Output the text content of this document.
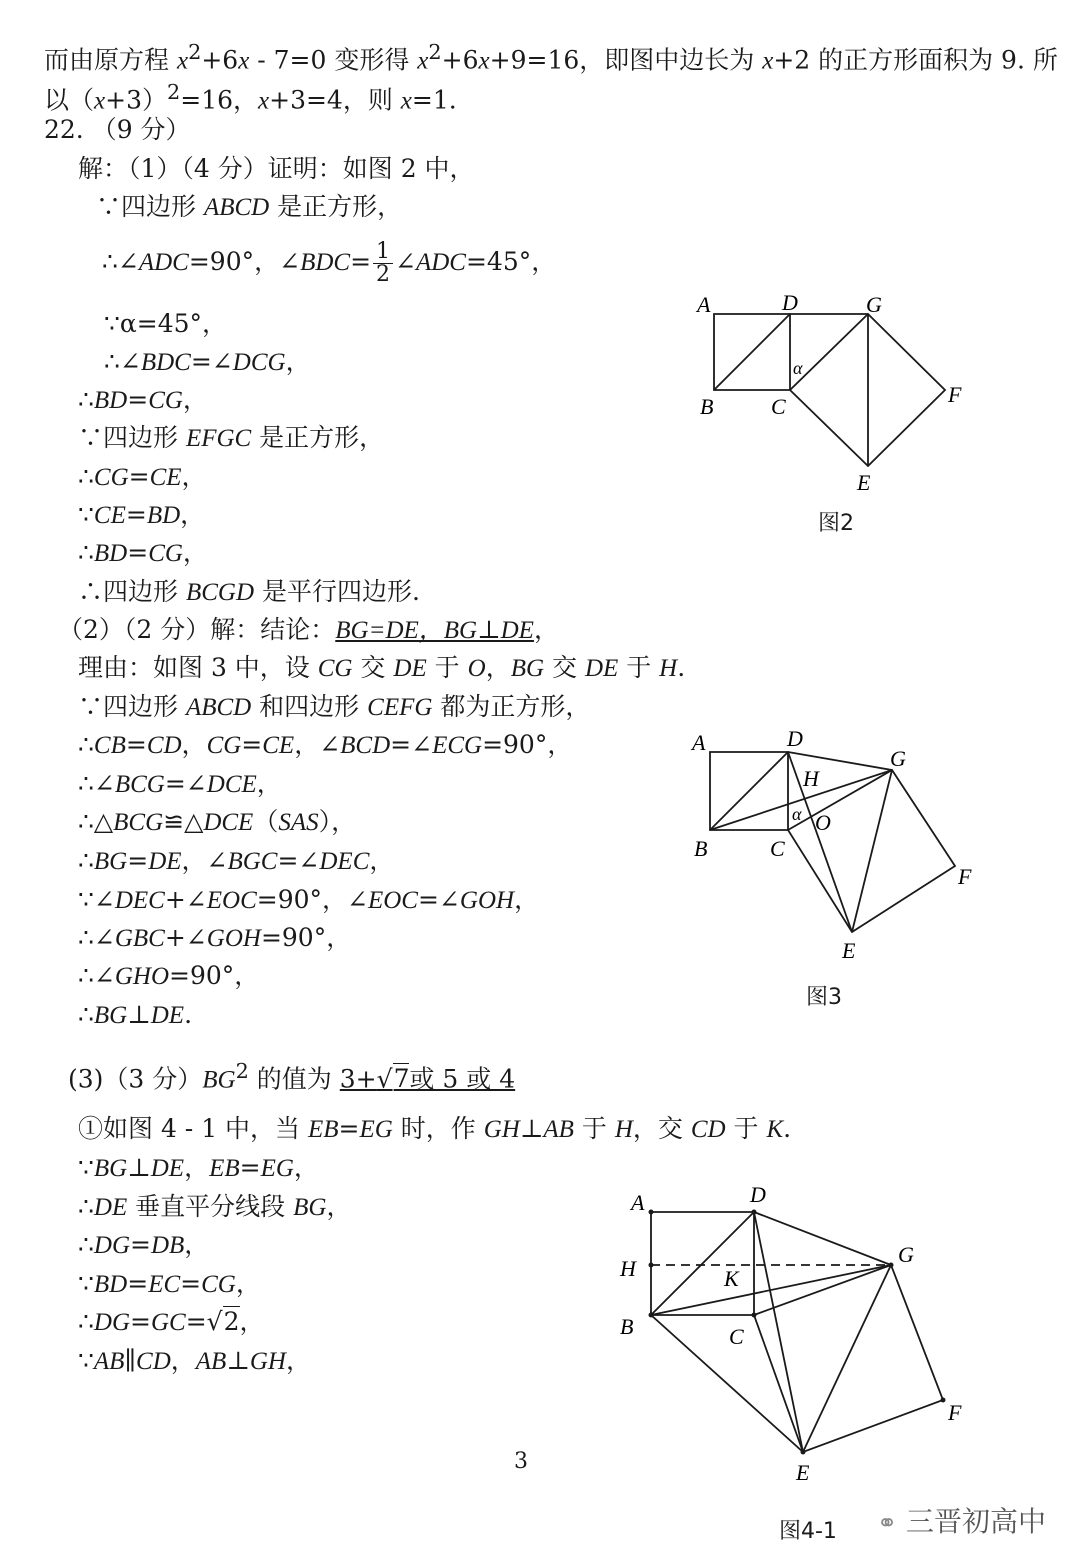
而由原方程 $x^2+6x - 7=0$ 变形得 $x^2+6x+9=16$，即图中边长为 x+2 的正方形面积为 9. 所
以$(x+3)^2=16$，x+3=4，则 x=1.
22. （9 分）
解：（1）（4 分）证明：如图 2 中，
∵四边形 ABCD 是正方形，
∴∠ADC=90°，∠BDC= $\frac{1}{2}$ ∠ADC=45°，
∵α=45°，
∴∠BDC=∠DCG，
∴BD=CG，
∵四边形 EFGC 是正方形，
∴CG=CE，
∵CE=BD，
∴BD=CG，
∴四边形 BCGD 是平行四边形.
（2）（2 分）解：结论：BG=DE，BG⊥DE，
理由：如图 3 中，设 CG 交 DE 于 O，BG 交 DE 于 H.
∵四边形 ABCD 和四边形 CEFG 都为正方形，
∴CB=CD，CG=CE，∠BCD=∠ECG=90°，
∴∠BCG=∠DCE，
∴△BCG≌△DCE（SAS），
∴BG=DE，∠BGC=∠DEC，
∵∠DEC+∠EOC=90°，∠EOC=∠GOH，
∴∠GBC+∠GOH=90°，
∴∠GHO=90°，
∴BG⊥DE.
(3)（3 分）$BG^2$ 的值为 3+√7或 5 或 4
①如图 4 - 1 中，当 EB=EG 时，作 GH⊥AB 于 H，交 CD 于 K.
∵BG⊥DE，EB=EG，
∴DE 垂直平分线段 BG，
∴DG=DB，
∵BD=EC=CG，
∴DG=GC=√2，
∵AB∥CD，AB⊥GH，
A	D	G
B	C	F
E
α
图2
A	D
G
H
O
α
B	C
F
E
图3
A	D
H	K
G
B	C
F
E
图4-1
3
⚭ 三晋初高中
